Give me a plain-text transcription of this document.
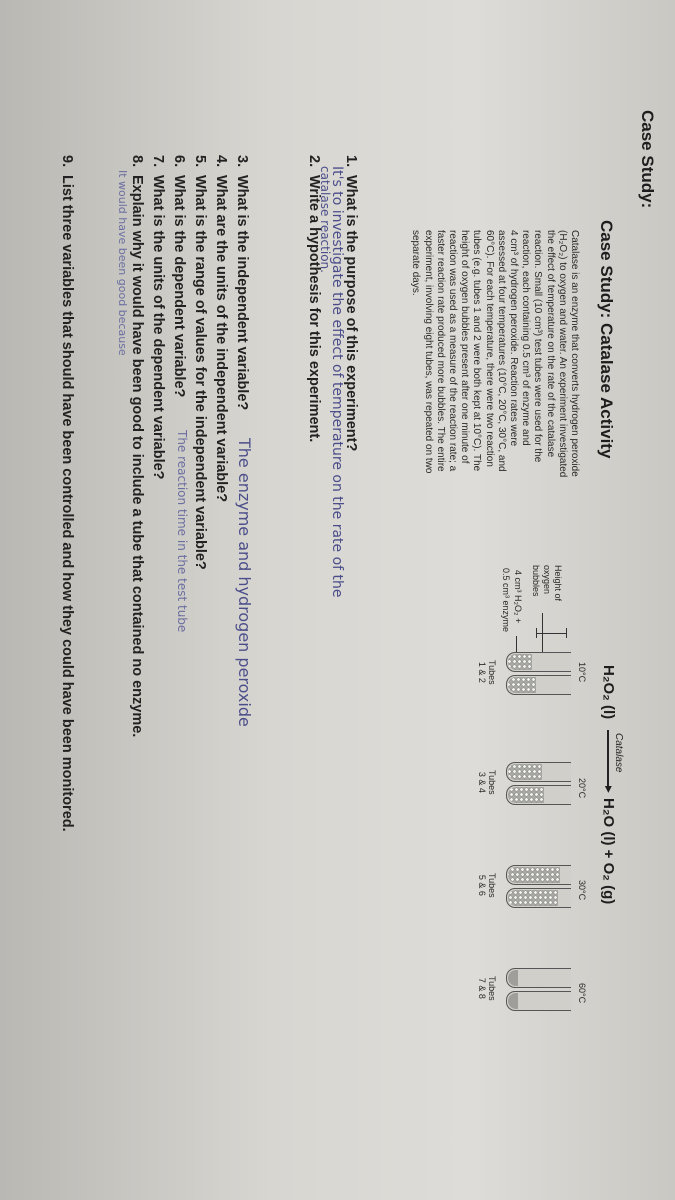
Case Study:
Case Study: Catalase Activity
H₂O₂ (l)
Catalase
▶
H₂O (l) + O₂ (g)
Catalase is an enzyme that converts hydrogen peroxide
(H₂O₂) to oxygen and water. An experiment investigated
the effect of temperature on the rate of the catalase
reaction. Small (10 cm³) test tubes were used for the
reaction, each containing 0.5 cm³ of enzyme and
4 cm³ of hydrogen peroxide. Reaction rates were
assessed at four temperatures (10°C, 20°C, 30°C, and
60°C). For each temperature, there were two reaction
tubes (e.g. tubes 1 and 2 were both kept at 10°C). The
height of oxygen bubbles present after one minute of
reaction was used as a measure of the reaction rate; a
faster reaction rate produced more bubbles. The entire
experiment, involving eight tubes, was repeated on two
separate days.
10°C
20°C
30°C
60°C
Height of
oxygen
bubbles
4 cm³ H₂O₂ +
0.5 cm³ enzyme
Tubes
1 & 2
Tubes
3 & 4
Tubes
5 & 6
Tubes
7 & 8
1.What is the purpose of this experiment?
It's to investigate the effect of temperature on the rate of the
catalase reaction.
2.Write a hypothesis for this experiment.
3.What is the independent variable?
The enzyme and hydrogen peroxide
4.What are the units of the independent variable?
5.What is the range of values for the independent variable?
6.What is the dependent variable?
The reaction time in the test tube
7.What is the units of the dependent variable?
8.Explain why it would have been good to include a tube that contained no enzyme.
It would have been good because
9.List three variables that should have been controlled and how they could have been monitored.
